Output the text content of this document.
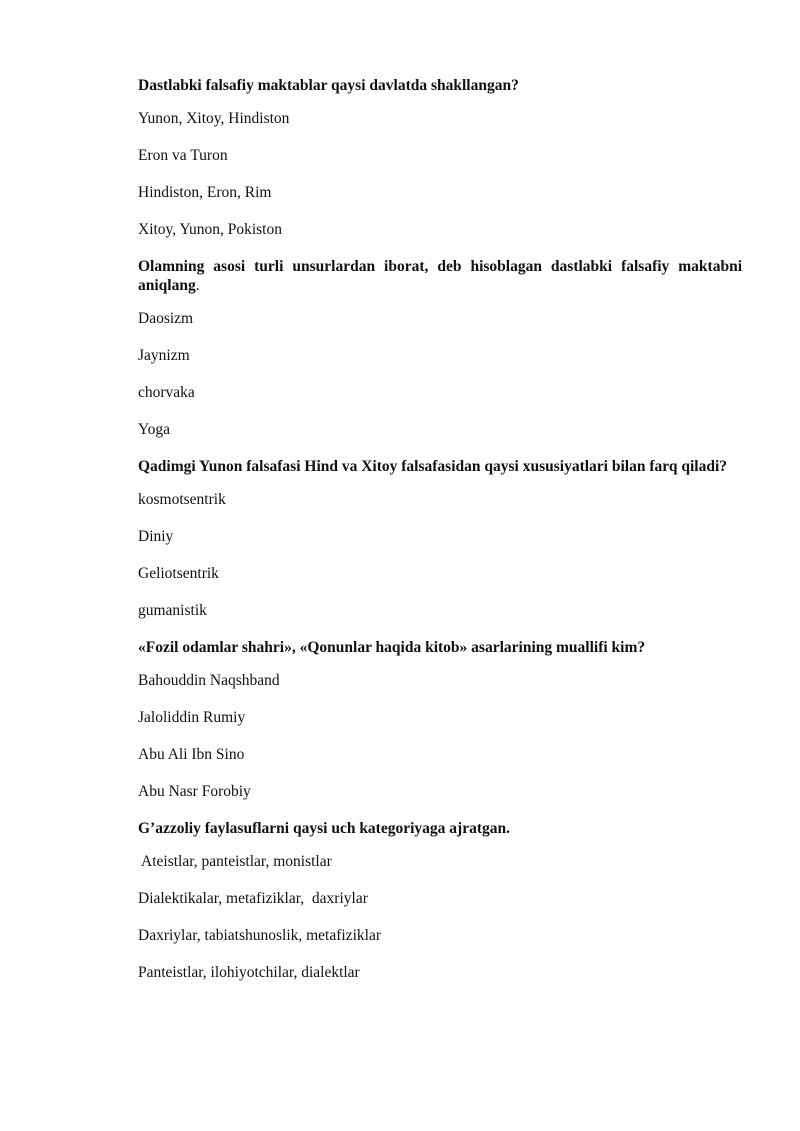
Dastlabki falsafiy maktablar qaysi davlatda shakllangan?

Yunon, Xitoy, Hindiston

Eron va Turon

Hindiston, Eron, Rim

Xitoy, Yunon, Pokiston

Olamning asosi turli unsurlardan iborat, deb hisoblagan dastlabki falsafiy maktabni aniqlang.

Daosizm

Jaynizm

chorvaka

Yoga

Qadimgi Yunon falsafasi Hind va Xitoy falsafasidan qaysi xususiyatlari bilan farq qiladi?

kosmotsentrik

Diniy

Geliotsentrik

gumanistik

«Fozil odamlar shahri», «Qonunlar haqida kitob» asarlarining muallifi kim?

Bahouddin Naqshband

Jaloliddin Rumiy

Abu Ali Ibn Sino

Abu Nasr Forobiy

G’azzoliy faylasuflarni qaysi uch kategoriyaga ajratgan.

Ateistlar, panteistlar, monistlar

Dialektikalar, metafiziklar,  daxriylar

Daxriylar, tabiatshunoslik, metafiziklar

Panteistlar, ilohiyotchilar, dialektlar
